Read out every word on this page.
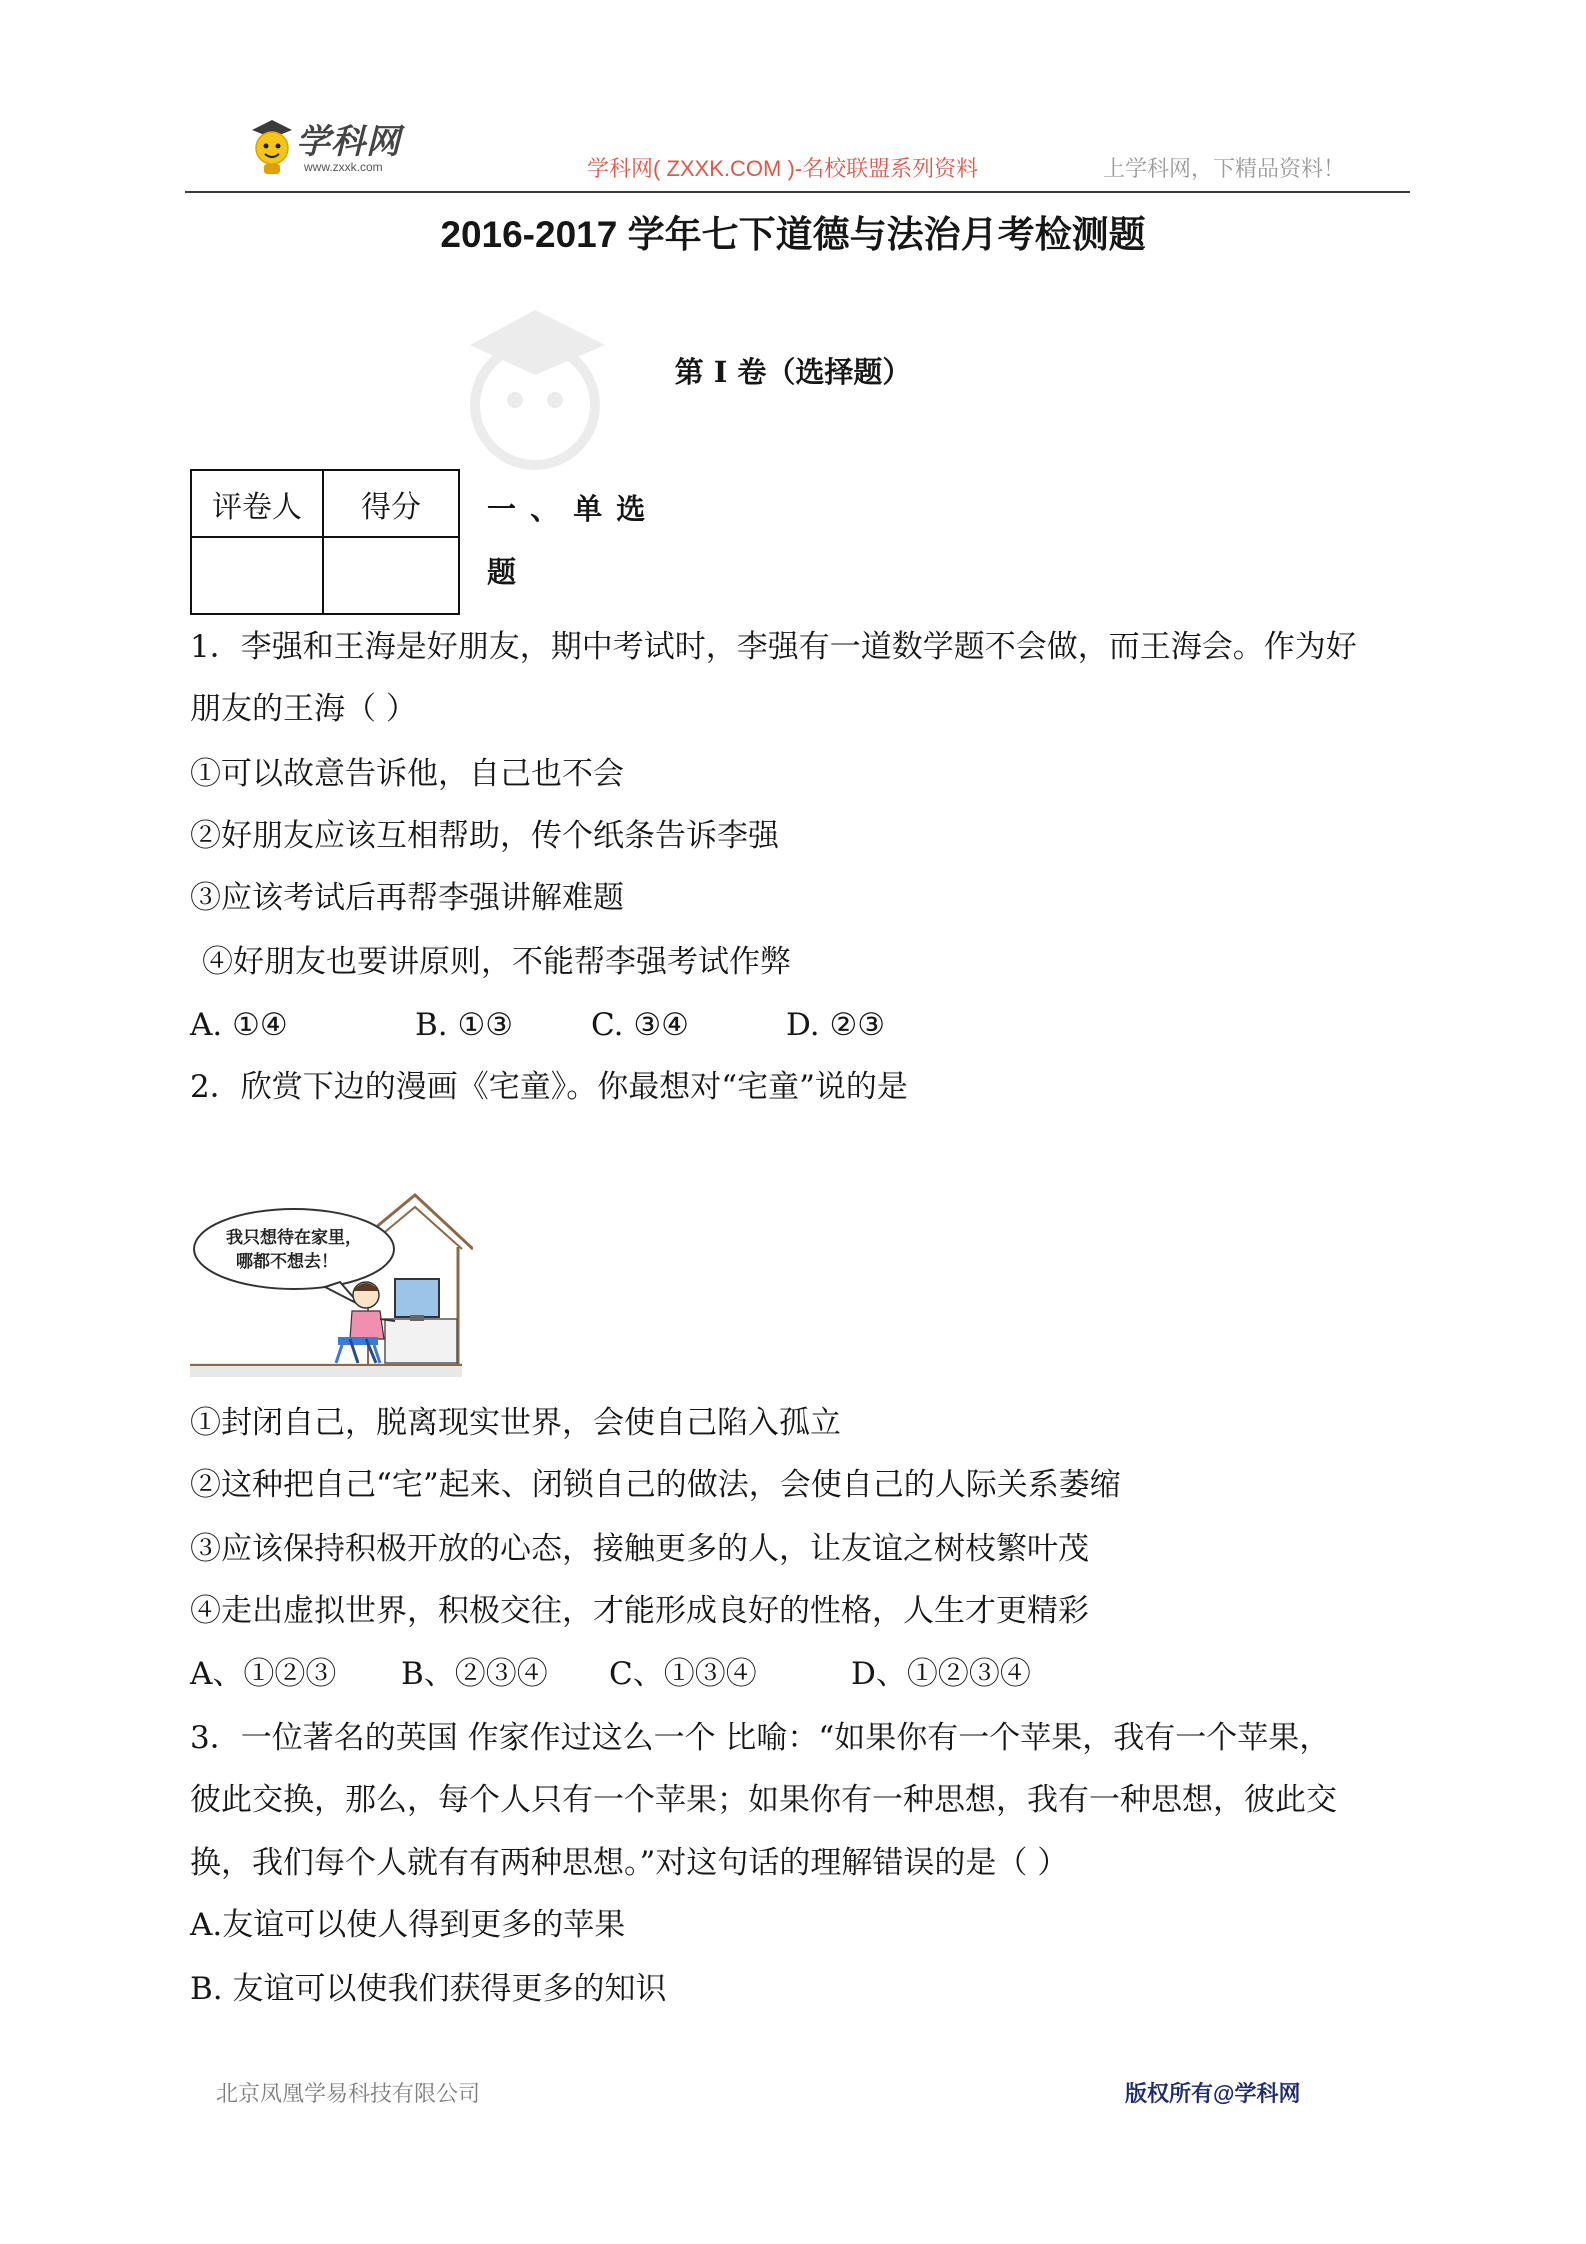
学科网
www.zxxk.com	学科网( ZXXK.COM )-名校联盟系列资料	上学科网，下精品资料！
2016-2017 学年七下道德与法治月考检测题
第 I 卷（选择题）
评卷人	得分
	一 、 单 选
题
1．李强和王海是好朋友，期中考试时，李强有一道数学题不会做，而王海会。作为好
朋友的王海（ ）
①可以故意告诉他，自己也不会
②好朋友应该互相帮助，传个纸条告诉李强
③应该考试后再帮李强讲解难题
④好朋友也要讲原则，不能帮李强考试作弊
A. ①④	B. ①③	C. ③④	D. ②③
2．欣赏下边的漫画《宅童》。你最想对“宅童”说的是
我只想待在家里，
哪都不想去！
①封闭自己，脱离现实世界，会使自己陷入孤立
②这种把自己“宅”起来、闭锁自己的做法，会使自己的人际关系萎缩
③应该保持积极开放的心态，接触更多的人，让友谊之树枝繁叶茂
④走出虚拟世界，积极交往，才能形成良好的性格，人生才更精彩
A、①②③ B、②③④ C、①③④	D、①②③④
3．一位著名的英国 作家作过这么一个 比喻：“如果你有一个苹果，我有一个苹果，
彼此交换，那么，每个人只有一个苹果；如果你有一种思想，我有一种思想，彼此交
换，我们每个人就有有两种思想。”对这句话的理解错误的是（ ）
A.友谊可以使人得到更多的苹果
B. 友谊可以使我们获得更多的知识
北京凤凰学易科技有限公司	版权所有@学科网
